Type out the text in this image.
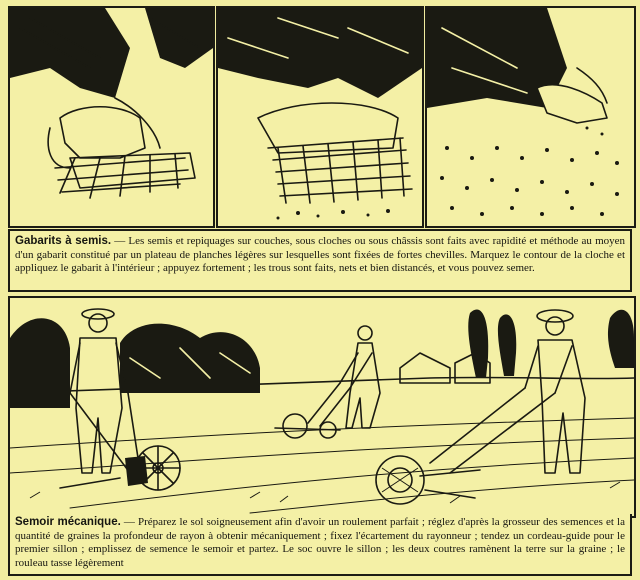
Gabarits à semis. — Les semis et repiquages sur couches, sous cloches ou sous châssis sont faits avec rapidité et méthode au moyen d'un gabarit constitué par un plateau de planches légères sur lesquelles sont fixées de fortes chevilles. Marquez le contour de la cloche et appliquez le gabarit à l'intérieur ; appuyez fortement ; les trous sont faits, nets et bien distancés, et vous pouvez semer.
Semoir mécanique. — Préparez le sol soigneusement afin d'avoir un roulement parfait ; réglez d'après la grosseur des semences et la quantité de graines la profondeur de rayon à obtenir mécaniquement ; fixez l'écartement du rayonneur ; tendez un cordeau-guide pour le premier sillon ; emplissez de semence le semoir et partez. Le soc ouvre le sillon ; les deux coutres ramènent la terre sur la graine ; le rouleau tasse légèrement
